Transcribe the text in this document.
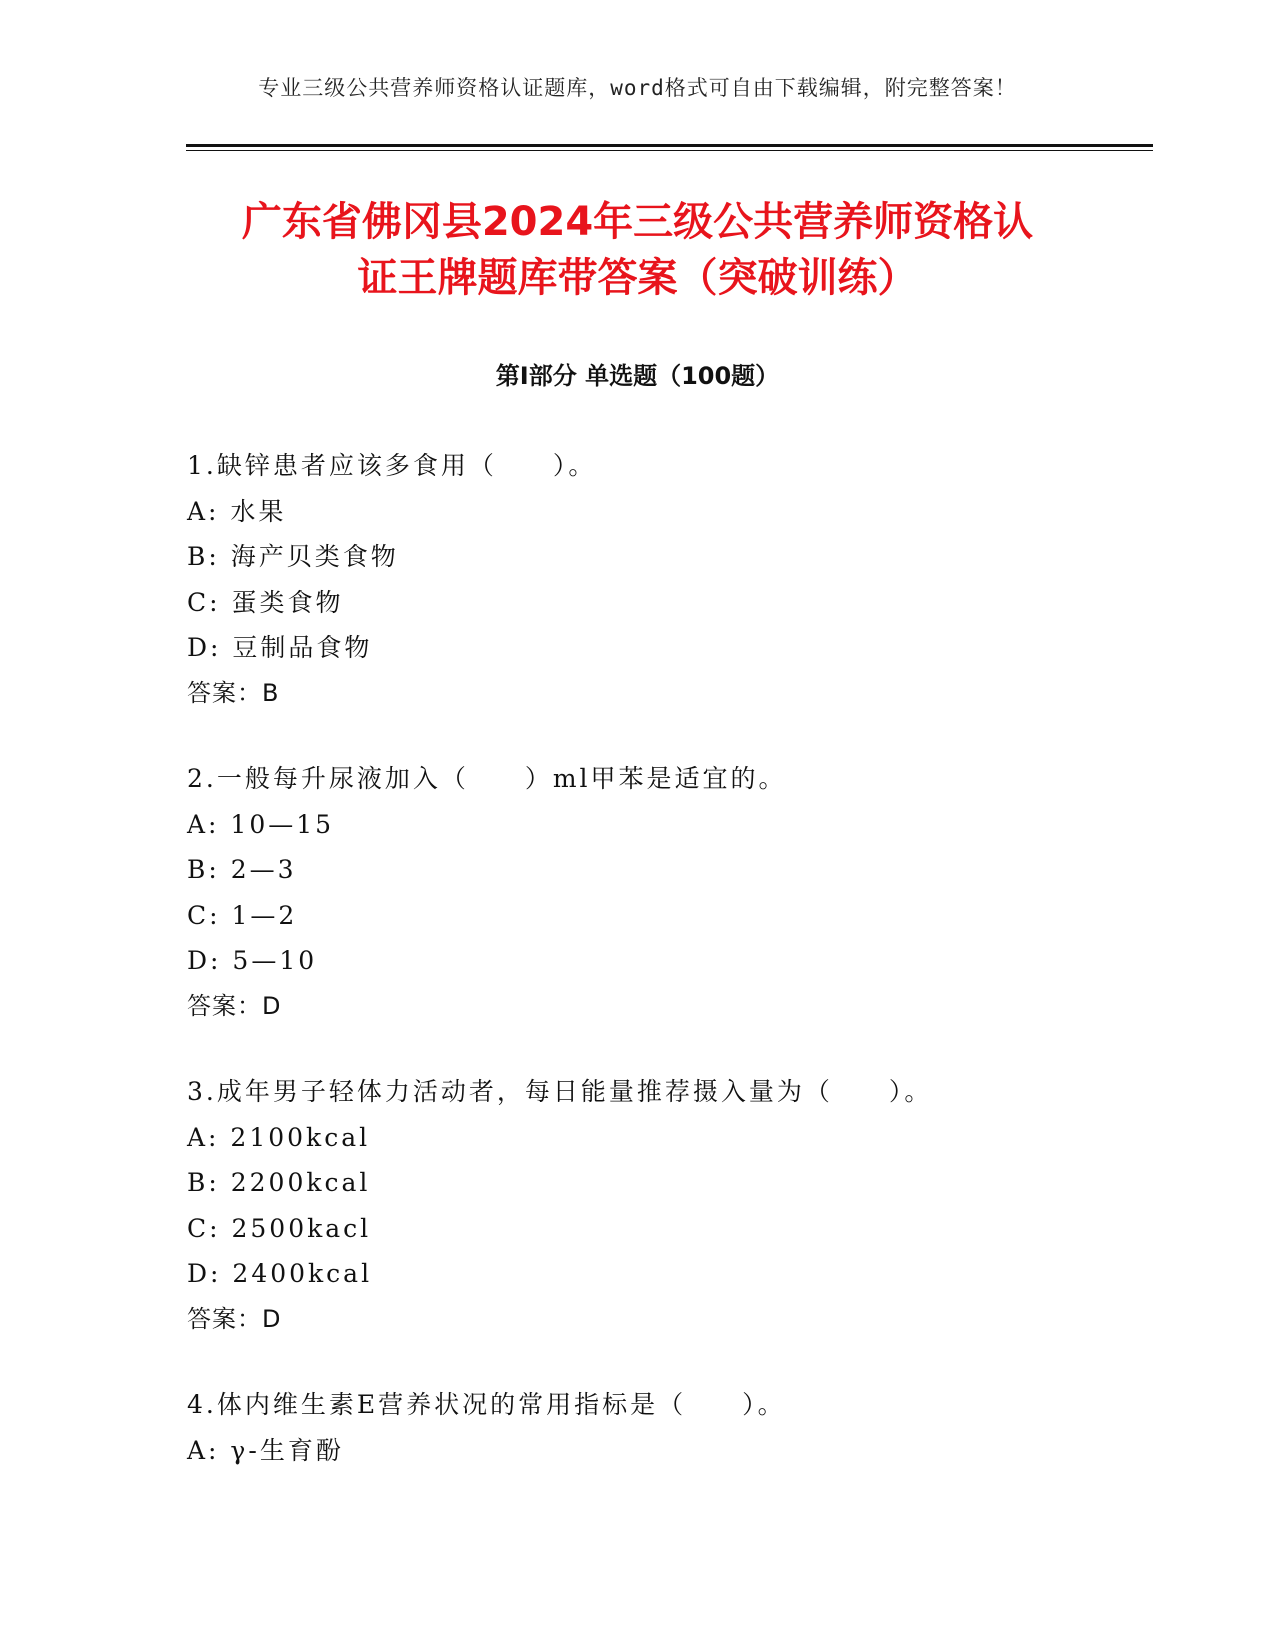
专业三级公共营养师资格认证题库，word格式可自由下载编辑，附完整答案！
广东省佛冈县2024年三级公共营养师资格认
证王牌题库带答案（突破训练）
第Ⅰ部分 单选题（100题）
1.缺锌患者应该多食用（　　）。
A: 水果
B: 海产贝类食物
C: 蛋类食物
D: 豆制品食物
答案：B
2.一般每升尿液加入（　　）ml甲苯是适宜的。
A: 10—15
B: 2—3
C: 1—2
D: 5—10
答案：D
3.成年男子轻体力活动者，每日能量推荐摄入量为（　　）。
A: 2100kcal
B: 2200kcal
C: 2500kacl
D: 2400kcal
答案：D
4.体内维生素E营养状况的常用指标是（　　）。
A: γ-生育酚
